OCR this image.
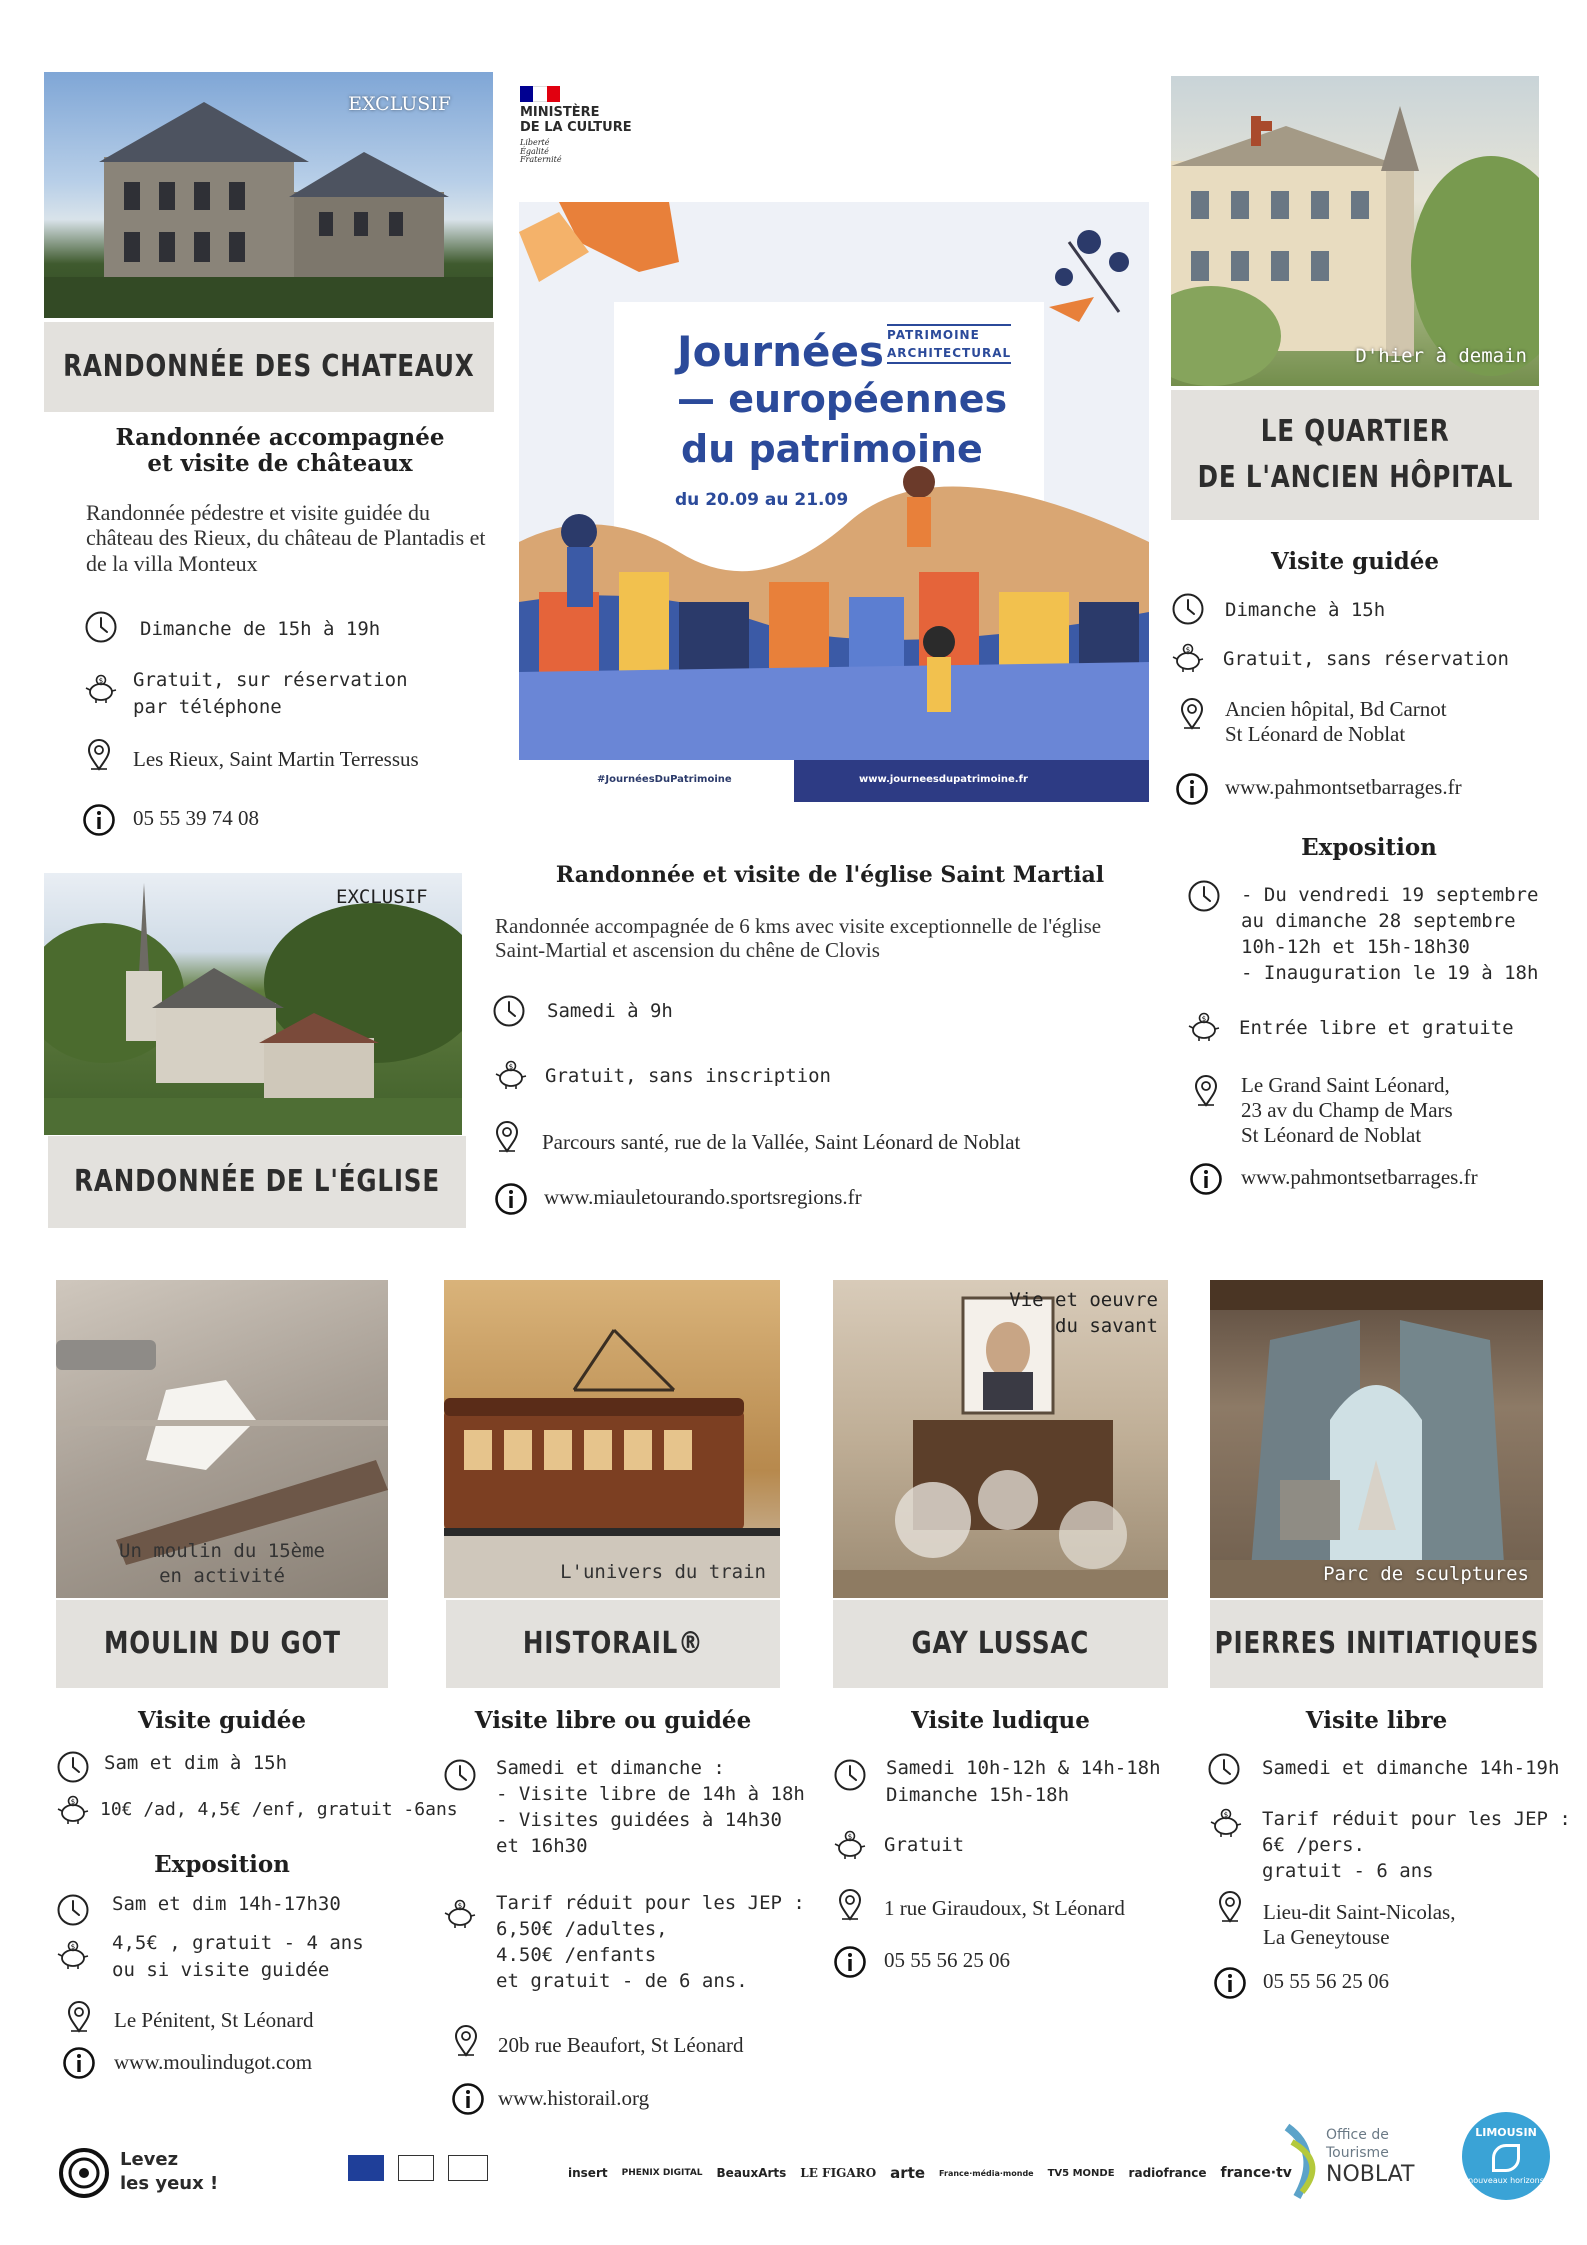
EXCLUSIF
RANDONNÉE DES CHATEAUX
Randonnée accompagnée
et visite de châteaux
Randonnée pédestre et visite guidée du château des Rieux, du château de Plantadis et de la villa Monteux
Dimanche de 15h à 19h
Gratuit, sur réservation
par téléphone
Les Rieux, Saint Martin Terressus
05 55 39 74 08
MINISTÈRE
DE LA CULTURE
Liberté
Égalité
Fraternité
PATRIMOINE
ARCHITECTURAL
Journées
— européennes
du patrimoine
du 20.09 au 21.09
#JournéesDuPatrimoine	www.journeesdupatrimoine.fr
Randonnée et visite de l'église Saint Martial
Randonnée accompagnée de 6 kms avec visite exceptionnelle de l'église Saint-Martial et ascension du chêne de Clovis
Samedi à 9h
Gratuit, sans inscription
Parcours santé, rue de la Vallée, Saint Léonard de Noblat
www.miauletourando.sportsregions.fr
EXCLUSIF
RANDONNÉE DE L'ÉGLISE
D'hier à demain
LE QUARTIER
DE L'ANCIEN HÔPITAL
Visite guidée
Dimanche à 15h
Gratuit, sans réservation
Ancien hôpital, Bd Carnot
St Léonard de Noblat
www.pahmontsetbarrages.fr
Exposition
- Du vendredi 19 septembre
au dimanche 28 septembre
10h-12h et 15h-18h30
- Inauguration le 19 à 18h
Entrée libre et gratuite
Le Grand Saint Léonard,
23 av du Champ de Mars
St Léonard de Noblat
www.pahmontsetbarrages.fr
Un moulin du 15ème
en activité
MOULIN DU GOT
Visite guidée
Sam et dim à 15h
10€ /ad, 4,5€ /enf, gratuit -6ans
Exposition
Sam et dim 14h-17h30
4,5€ , gratuit - 4 ans
ou si visite guidée
Le Pénitent, St Léonard
www.moulindugot.com
L'univers du train
HISTORAIL®
Visite libre ou guidée
Samedi et dimanche :
- Visite libre de 14h à 18h
- Visites guidées à 14h30
et 16h30
Tarif réduit pour les JEP :
6,50€ /adultes,
4.50€ /enfants
et gratuit - de 6 ans.
20b rue Beaufort, St Léonard
www.historail.org
Vie et oeuvre
du savant
GAY LUSSAC
Visite ludique
Samedi 10h-12h & 14h-18h
Dimanche 15h-18h
Gratuit
1 rue Giraudoux, St Léonard
05 55 56 25 06
Parc de sculptures
PIERRES INITIATIQUES
Visite libre
Samedi et dimanche 14h-19h
Tarif réduit pour les JEP :
6€ /pers.
gratuit - 6 ans
Lieu-dit Saint-Nicolas,
La Geneytouse
05 55 56 25 06
Levez
les yeux !	insert PHENIX DIGITAL BeauxArts LE FIGARO arte France·média·monde TV5 MONDE radiofrance france·tv
Office de
Tourisme
NOBLAT
LIMOUSIN
nouveaux horizons
